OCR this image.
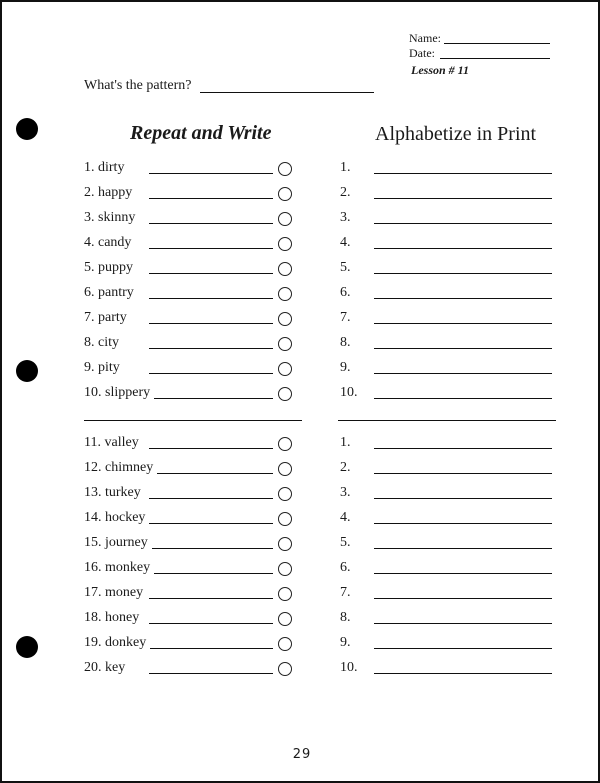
Name:
Date:
Lesson # 11
What's the pattern?
Repeat and Write	Alphabetize in Print
1. dirty
2. happy
3. skinny
4. candy
5. puppy
6. pantry
7. party
8. city
9. pity
10. slippery
11. valley
12. chimney
13. turkey
14. hockey
15. journey
16. monkey
17. money
18. honey
19. donkey
20. key
1.
2.
3.
4.
5.
6.
7.
8.
9.
10.
1.
2.
3.
4.
5.
6.
7.
8.
9.
10.
29
